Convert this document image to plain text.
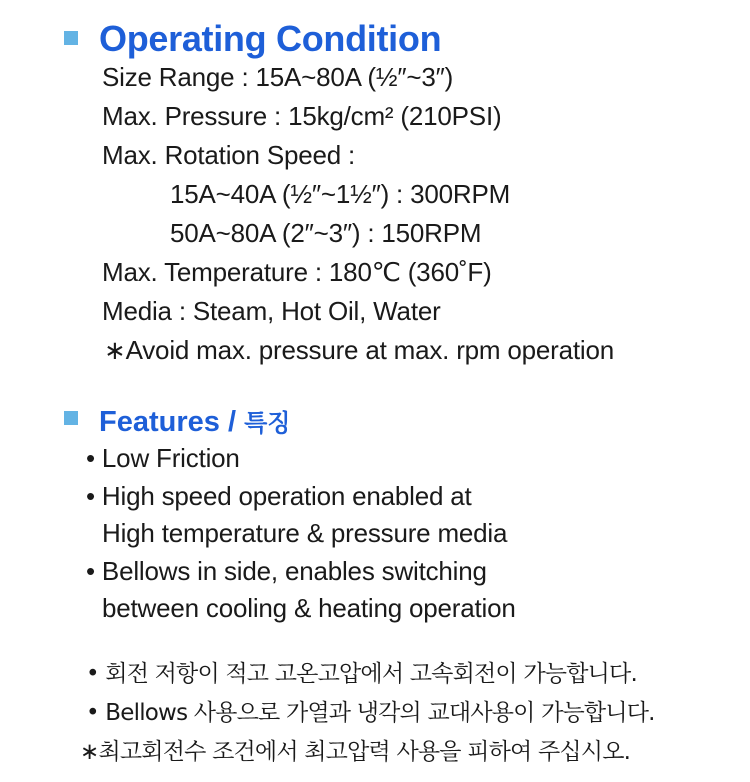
Operating Condition
Size Range : 15A~80A (½″~3″)
Max. Pressure : 15kg/cm² (210PSI)
Max. Rotation Speed :
15A~40A (½″~1½″) : 300RPM
50A~80A (2″~3″) : 150RPM
Max. Temperature : 180℃ (360˚F)
Media : Steam, Hot Oil, Water
∗Avoid max. pressure at max. rpm operation
Features / 특징
• Low Friction
• High speed operation enabled at
High temperature & pressure media
• Bellows in side, enables switching
between cooling & heating operation
• 회전 저항이 적고 고온고압에서 고속회전이 가능합니다.
• Bellows 사용으로 가열과 냉각의 교대사용이 가능합니다.
∗최고회전수 조건에서 최고압력 사용을 피하여 주십시오.
